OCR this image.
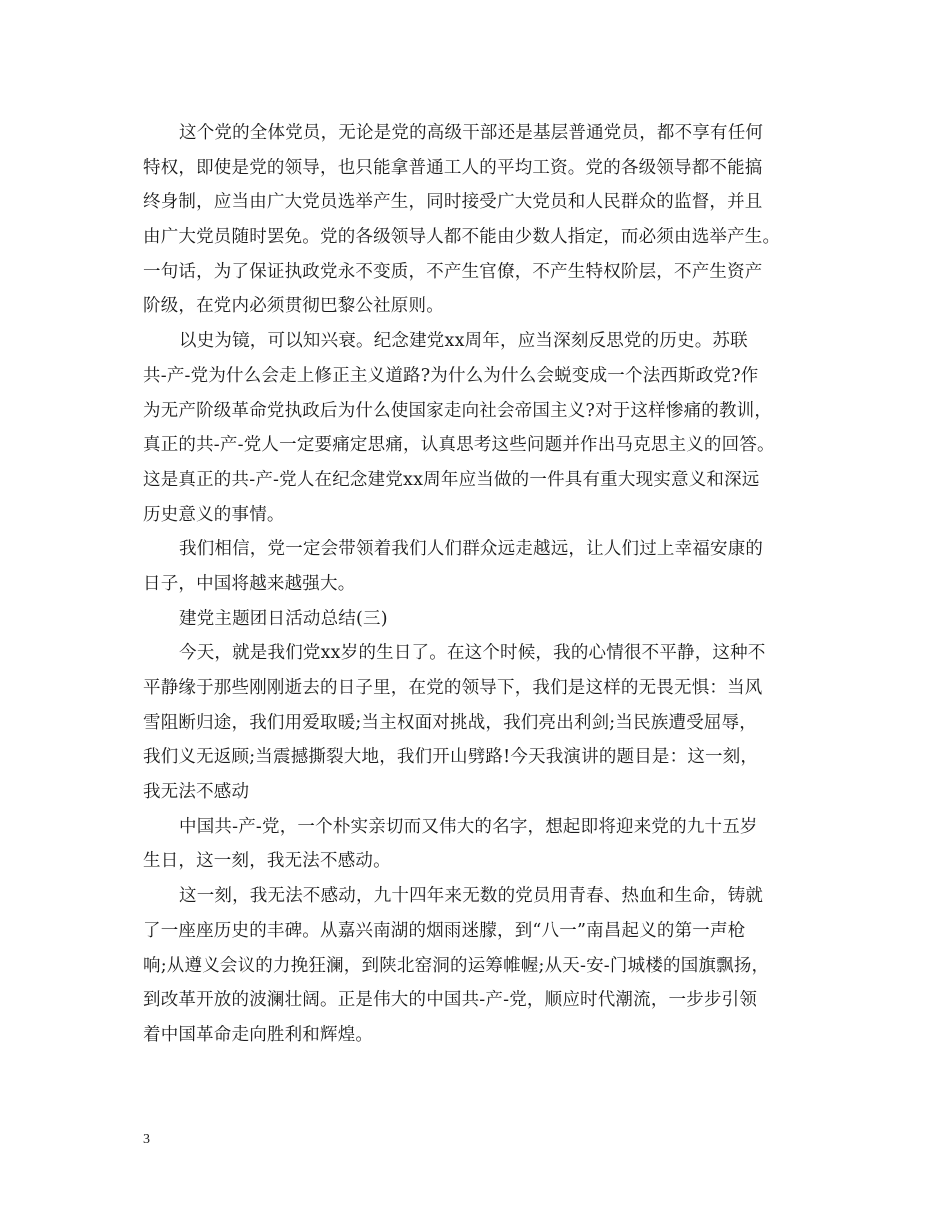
这个党的全体党员，无论是党的高级干部还是基层普通党员，都不享有任何
特权，即使是党的领导，也只能拿普通工人的平均工资。党的各级领导都不能搞
终身制，应当由广大党员选举产生，同时接受广大党员和人民群众的监督，并且
由广大党员随时罢免。党的各级领导人都不能由少数人指定，而必须由选举产生。
一句话，为了保证执政党永不变质，不产生官僚，不产生特权阶层，不产生资产
阶级，在党内必须贯彻巴黎公社原则。
以史为镜，可以知兴衰。纪念建党xx周年，应当深刻反思党的历史。苏联
共-产-党为什么会走上修正主义道路?为什么为什么会蜕变成一个法西斯政党?作
为无产阶级革命党执政后为什么使国家走向社会帝国主义?对于这样惨痛的教训，
真正的共-产-党人一定要痛定思痛，认真思考这些问题并作出马克思主义的回答。
这是真正的共-产-党人在纪念建党xx周年应当做的一件具有重大现实意义和深远
历史意义的事情。
我们相信，党一定会带领着我们人们群众远走越远，让人们过上幸福安康的
日子，中国将越来越强大。
建党主题团日活动总结(三)
今天，就是我们党xx岁的生日了。在这个时候，我的心情很不平静，这种不
平静缘于那些刚刚逝去的日子里，在党的领导下，我们是这样的无畏无惧：当风
雪阻断归途，我们用爱取暖;当主权面对挑战，我们亮出利剑;当民族遭受屈辱，
我们义无返顾;当震撼撕裂大地，我们开山劈路!今天我演讲的题目是：这一刻，
我无法不感动
中国共-产-党，一个朴实亲切而又伟大的名字，想起即将迎来党的九十五岁
生日，这一刻，我无法不感动。
这一刻，我无法不感动，九十四年来无数的党员用青春、热血和生命，铸就
了一座座历史的丰碑。从嘉兴南湖的烟雨迷朦，到“八一”南昌起义的第一声枪
响;从遵义会议的力挽狂澜，到陕北窑洞的运筹帷幄;从天-安-门城楼的国旗飘扬，
到改革开放的波澜壮阔。正是伟大的中国共-产-党，顺应时代潮流，一步步引领
着中国革命走向胜利和辉煌。
3
